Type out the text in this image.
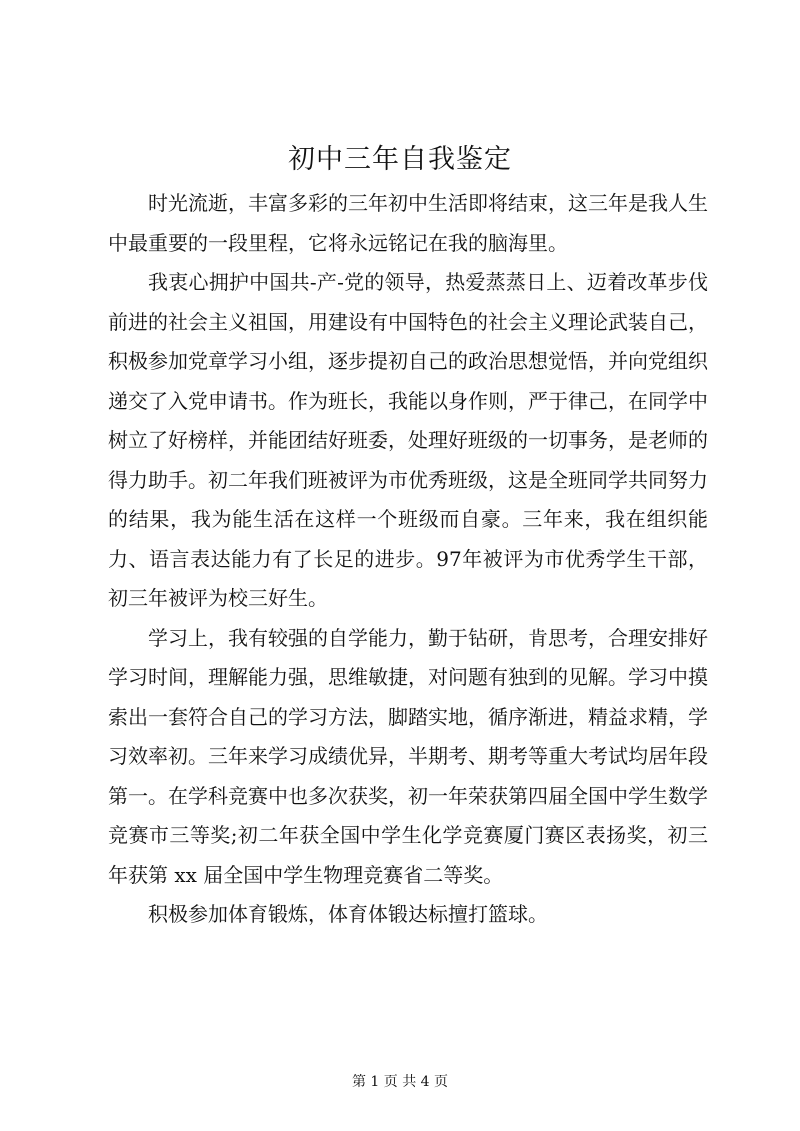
初中三年自我鉴定

时光流逝，丰富多彩的三年初中生活即将结束，这三年是我人生中最重要的一段里程，它将永远铭记在我的脑海里。

我衷心拥护中国共-产-党的领导，热爱蒸蒸日上、迈着改革步伐前进的社会主义祖国，用建设有中国特色的社会主义理论武装自己，积极参加党章学习小组，逐步提初自己的政治思想觉悟，并向党组织递交了入党申请书。作为班长，我能以身作则，严于律己，在同学中树立了好榜样，并能团结好班委，处理好班级的一切事务，是老师的得力助手。初二年我们班被评为市优秀班级，这是全班同学共同努力的结果，我为能生活在这样一个班级而自豪。三年来，我在组织能力、语言表达能力有了长足的进步。97年被评为市优秀学生干部，初三年被评为校三好生。

学习上，我有较强的自学能力，勤于钻研，肯思考，合理安排好学习时间，理解能力强，思维敏捷，对问题有独到的见解。学习中摸索出一套符合自己的学习方法，脚踏实地，循序渐进，精益求精，学习效率初。三年来学习成绩优异，半期考、期考等重大考试均居年段第一。在学科竞赛中也多次获奖，初一年荣获第四届全国中学生数学竞赛市三等奖;初二年获全国中学生化学竞赛厦门赛区表扬奖，初三年获第 xx 届全国中学生物理竞赛省二等奖。

积极参加体育锻炼，体育体锻达标擅打篮球。

第 1 页 共 4 页
